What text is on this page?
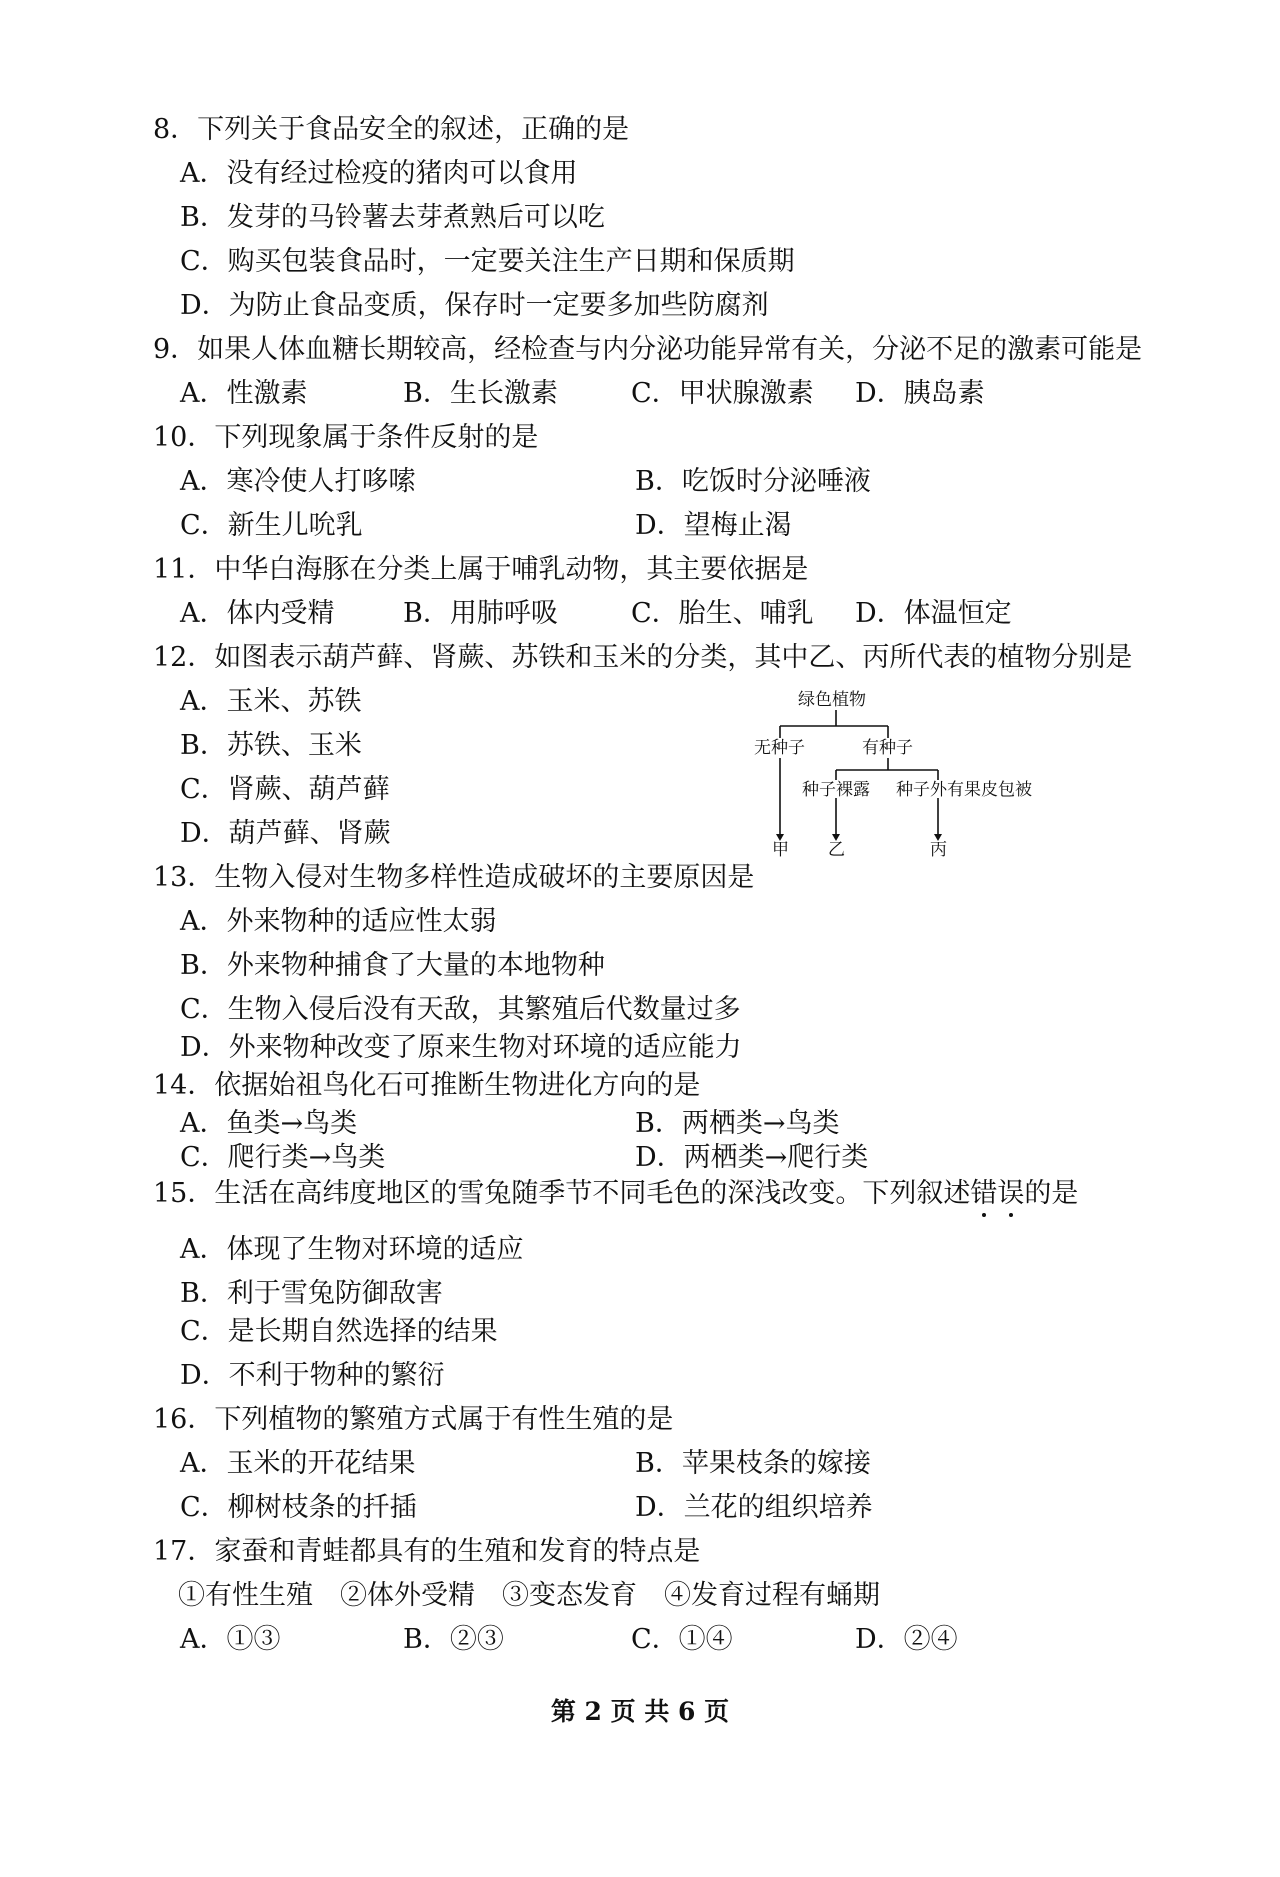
8．下列关于食品安全的叙述，正确的是
A．没有经过检疫的猪肉可以食用
B．发芽的马铃薯去芽煮熟后可以吃
C．购买包装食品时，一定要关注生产日期和保质期
D．为防止食品变质，保存时一定要多加些防腐剂
9．如果人体血糖长期较高，经检查与内分泌功能异常有关，分泌不足的激素可能是
A．性激素	B．生长激素	C．甲状腺激素 D．胰岛素
10．下列现象属于条件反射的是
A．寒冷使人打哆嗦	B．吃饭时分泌唾液
C．新生儿吮乳	D．望梅止渴
11．中华白海豚在分类上属于哺乳动物，其主要依据是
A．体内受精	B．用肺呼吸	C．胎生、哺乳 D．体温恒定
12．如图表示葫芦藓、肾蕨、苏铁和玉米的分类，其中乙、丙所代表的植物分别是
A．玉米、苏铁
B．苏铁、玉米
C．肾蕨、葫芦藓
D．葫芦藓、肾蕨
绿色植物
无种子	有种子
种子裸露 种子外有果皮包被
甲 乙	丙
13．生物入侵对生物多样性造成破坏的主要原因是
A．外来物种的适应性太弱
B．外来物种捕食了大量的本地物种
C．生物入侵后没有天敌，其繁殖后代数量过多
D．外来物种改变了原来生物对环境的适应能力
14．依据始祖鸟化石可推断生物进化方向的是
A．鱼类→鸟类	B．两栖类→鸟类
C．爬行类→鸟类	D．两栖类→爬行类
15．生活在高纬度地区的雪兔随季节不同毛色的深浅改变。下列叙述错误的是
A．体现了生物对环境的适应
B．利于雪兔防御敌害
C．是长期自然选择的结果
D．不利于物种的繁衍
16．下列植物的繁殖方式属于有性生殖的是
A．玉米的开花结果	B．苹果枝条的嫁接
C．柳树枝条的扦插	D．兰花的组织培养
17．家蚕和青蛙都具有的生殖和发育的特点是
①有性生殖　②体外受精　③变态发育　④发育过程有蛹期
A．①③	B．②③	C．①④	D．②④
第 2 页 共 6 页
